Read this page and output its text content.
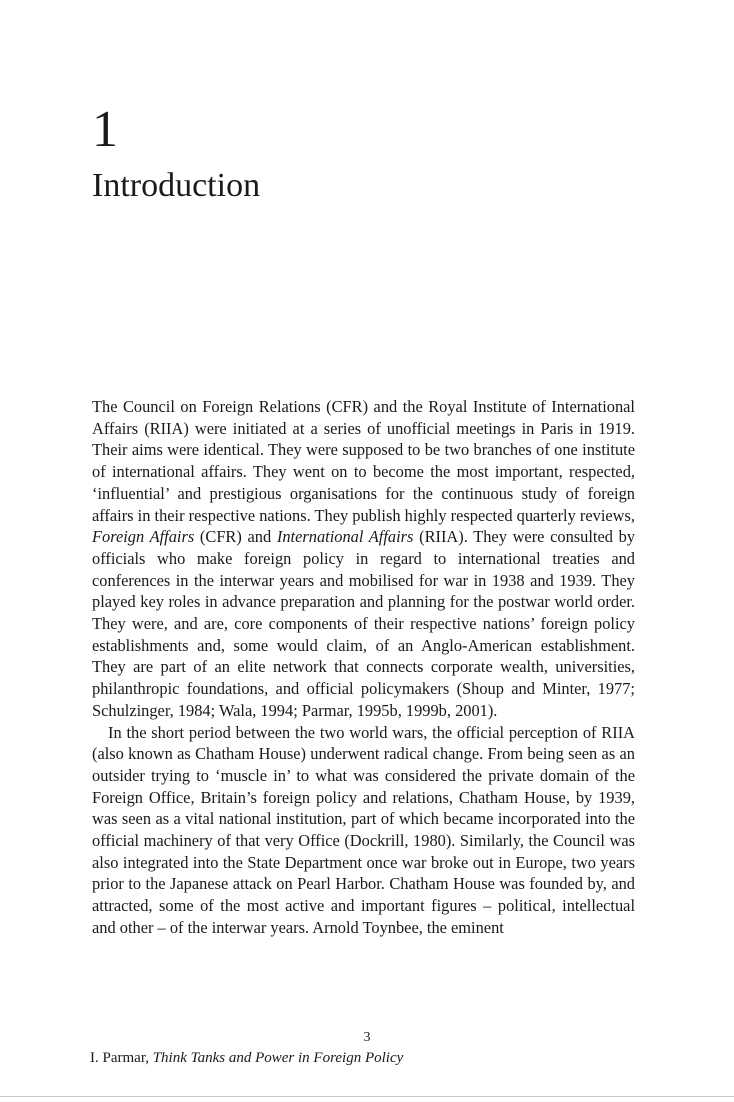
1
Introduction

The Council on Foreign Relations (CFR) and the Royal Institute of International Affairs (RIIA) were initiated at a series of unofficial meetings in Paris in 1919. Their aims were identical. They were supposed to be two branches of one institute of international affairs. They went on to become the most important, respected, ‘influential’ and prestigious organisations for the continuous study of foreign affairs in their respective nations. They publish highly respected quarterly reviews, Foreign Affairs (CFR) and International Affairs (RIIA). They were consulted by officials who make foreign policy in regard to international treaties and conferences in the interwar years and mobilised for war in 1938 and 1939. They played key roles in advance preparation and planning for the postwar world order. They were, and are, core components of their respective nations’ foreign policy establishments and, some would claim, of an Anglo-American establishment. They are part of an elite network that connects corporate wealth, universities, philanthropic foundations, and official policymakers (Shoup and Minter, 1977; Schulzinger, 1984; Wala, 1994; Parmar, 1995b, 1999b, 2001).

In the short period between the two world wars, the official perception of RIIA (also known as Chatham House) underwent radical change. From being seen as an outsider trying to ‘muscle in’ to what was considered the private domain of the Foreign Office, Britain’s foreign policy and relations, Chatham House, by 1939, was seen as a vital national institution, part of which became incorporated into the official machinery of that very Office (Dockrill, 1980). Similarly, the Council was also integrated into the State Department once war broke out in Europe, two years prior to the Japanese attack on Pearl Harbor. Chatham House was founded by, and attracted, some of the most active and important figures – political, intellectual and other – of the interwar years. Arnold Toynbee, the eminent

3
I. Parmar, Think Tanks and Power in Foreign Policy
